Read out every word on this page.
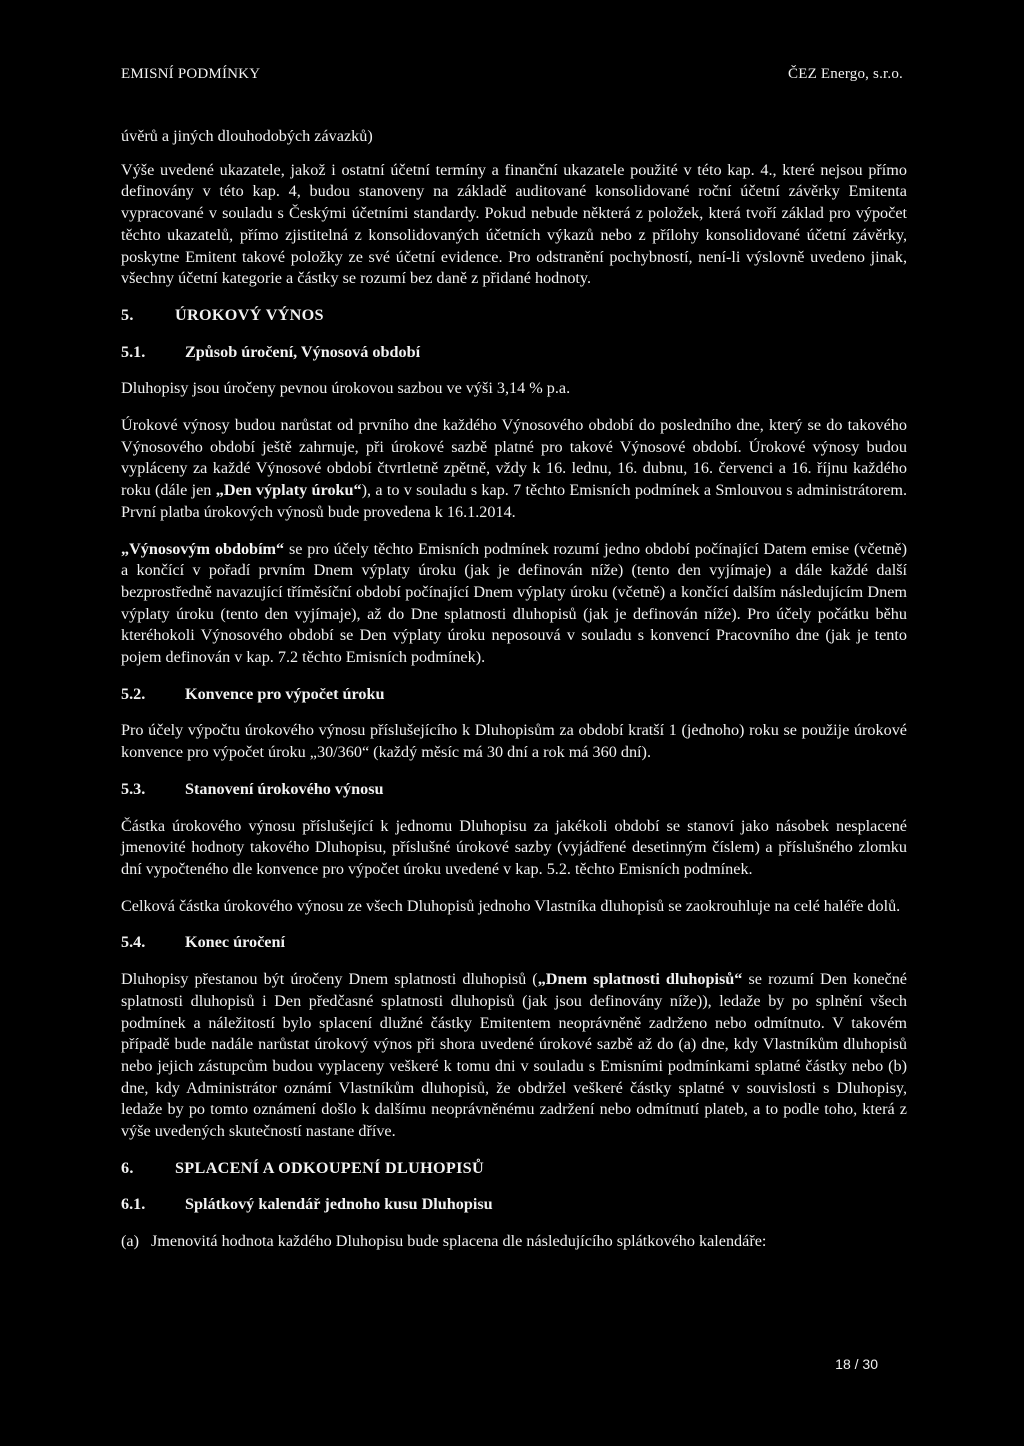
EMISNÍ PODMÍNKY	ČEZ Energo, s.r.o.

úvěrů a jiných dlouhodobých závazků)

Výše uvedené ukazatele, jakož i ostatní účetní termíny a finanční ukazatele použité v této kap. 4., které nejsou přímo definovány v této kap. 4, budou stanoveny na základě auditované konsolidované roční účetní závěrky Emitenta vypracované v souladu s Českými účetními standardy. Pokud nebude některá z položek, která tvoří základ pro výpočet těchto ukazatelů, přímo zjistitelná z konsolidovaných účetních výkazů nebo z přílohy konsolidované účetní závěrky, poskytne Emitent takové položky ze své účetní evidence. Pro odstranění pochybností, není-li výslovně uvedeno jinak, všechny účetní kategorie a částky se rozumí bez daně z přidané hodnoty.

5.	ÚROKOVÝ VÝNOS
5.1.	Způsob úročení, Výnosová období

Dluhopisy jsou úročeny pevnou úrokovou sazbou ve výši 3,14 % p.a.

Úrokové výnosy budou narůstat od prvního dne každého Výnosového období do posledního dne, který se do takového Výnosového období ještě zahrnuje, při úrokové sazbě platné pro takové Výnosové období. Úrokové výnosy budou vypláceny za každé Výnosové období čtvrtletně zpětně, vždy k 16. lednu, 16. dubnu, 16. červenci a 16. říjnu každého roku (dále jen „Den výplaty úroku“), a to v souladu s kap. 7 těchto Emisních podmínek a Smlouvou s administrátorem. První platba úrokových výnosů bude provedena k 16.1.2014.

„Výnosovým obdobím“ se pro účely těchto Emisních podmínek rozumí jedno období počínající Datem emise (včetně) a končící v pořadí prvním Dnem výplaty úroku (jak je definován níže) (tento den vyjímaje) a dále každé další bezprostředně navazující tříměsíční období počínající Dnem výplaty úroku (včetně) a končící dalším následujícím Dnem výplaty úroku (tento den vyjímaje), až do Dne splatnosti dluhopisů (jak je definován níže). Pro účely počátku běhu kteréhokoli Výnosového období se Den výplaty úroku neposouvá v souladu s konvencí Pracovního dne (jak je tento pojem definován v kap. 7.2 těchto Emisních podmínek).

5.2.	Konvence pro výpočet úroku

Pro účely výpočtu úrokového výnosu příslušejícího k Dluhopisům za období kratší 1 (jednoho) roku se použije úrokové konvence pro výpočet úroku „30/360“ (každý měsíc má 30 dní a rok má 360 dní).

5.3.	Stanovení úrokového výnosu

Částka úrokového výnosu příslušející k jednomu Dluhopisu za jakékoli období se stanoví jako násobek nesplacené jmenovité hodnoty takového Dluhopisu, příslušné úrokové sazby (vyjádřené desetinným číslem) a příslušného zlomku dní vypočteného dle konvence pro výpočet úroku uvedené v kap. 5.2. těchto Emisních podmínek.

Celková částka úrokového výnosu ze všech Dluhopisů jednoho Vlastníka dluhopisů se zaokrouhluje na celé haléře dolů.

5.4.	Konec úročení

Dluhopisy přestanou být úročeny Dnem splatnosti dluhopisů („Dnem splatnosti dluhopisů“ se rozumí Den konečné splatnosti dluhopisů i Den předčasné splatnosti dluhopisů (jak jsou definovány níže)), ledaže by po splnění všech podmínek a náležitostí bylo splacení dlužné částky Emitentem neoprávněně zadrženo nebo odmítnuto. V takovém případě bude nadále narůstat úrokový výnos při shora uvedené úrokové sazbě až do (a) dne, kdy Vlastníkům dluhopisů nebo jejich zástupcům budou vyplaceny veškeré k tomu dni v souladu s Emisními podmínkami splatné částky nebo (b) dne, kdy Administrátor oznámí Vlastníkům dluhopisů, že obdržel veškeré částky splatné v souvislosti s Dluhopisy, ledaže by po tomto oznámení došlo k dalšímu neoprávněnému zadržení nebo odmítnutí plateb, a to podle toho, která z výše uvedených skutečností nastane dříve.

6.	SPLACENÍ A ODKOUPENÍ DLUHOPISŮ
6.1.	Splátkový kalendář jednoho kusu Dluhopisu
(a) Jmenovitá hodnota každého Dluhopisu bude splacena dle následujícího splátkového kalendáře:
18 / 30
